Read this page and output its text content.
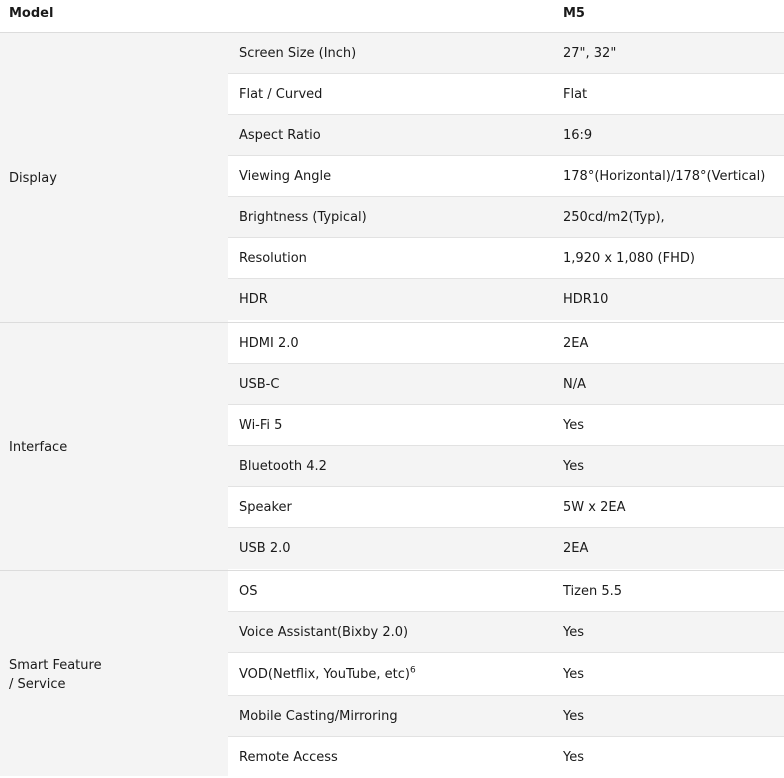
Model	M5
Display
Screen Size (Inch)	27", 32"
Flat / Curved	Flat
Aspect Ratio	16:9
Viewing Angle	178°(Horizontal)/178°(Vertical)
Brightness (Typical)	250cd/m2(Typ),
Resolution	1,920 x 1,080 (FHD)
HDR	HDR10
Interface
HDMI 2.0	2EA
USB-C	N/A
Wi-Fi 5	Yes
Bluetooth 4.2	Yes
Speaker	5W x 2EA
USB 2.0	2EA
Smart Feature
/ Service
OS	Tizen 5.5
Voice Assistant(Bixby 2.0)	Yes
VOD(Netflix, YouTube, etc)$^6$	Yes
Mobile Casting/Mirroring	Yes
Remote Access	Yes
